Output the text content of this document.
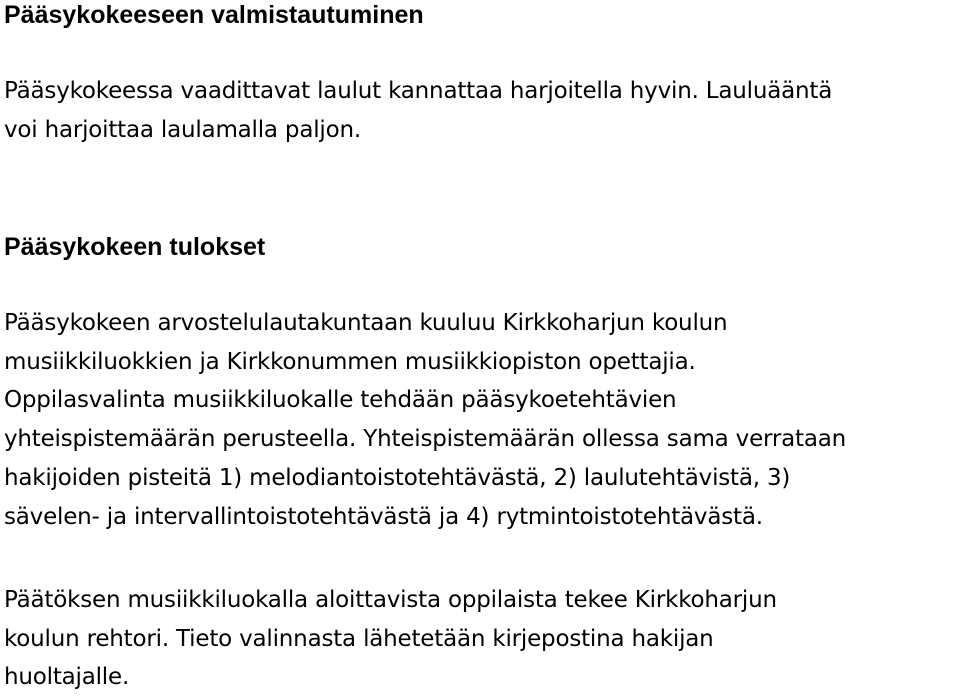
Pääsykokeeseen valmistautuminen
Pääsykokeessa vaadittavat laulut kannattaa harjoitella hyvin. Lauluääntä
voi harjoittaa laulamalla paljon.
Pääsykokeen tulokset
Pääsykokeen arvostelulautakuntaan kuuluu Kirkkoharjun koulun
musiikkiluokkien ja Kirkkonummen musiikkiopiston opettajia.
Oppilasvalinta musiikkiluokalle tehdään pääsykoetehtävien
yhteispistemäärän perusteella. Yhteispistemäärän ollessa sama verrataan
hakijoiden pisteitä 1) melodiantoistotehtävästä, 2) laulutehtävistä, 3)
sävelen- ja intervallintoistotehtävästä ja 4) rytmintoistotehtävästä.
Päätöksen musiikkiluokalla aloittavista oppilaista tekee Kirkkoharjun
koulun rehtori. Tieto valinnasta lähetetään kirjepostina hakijan
huoltajalle.
